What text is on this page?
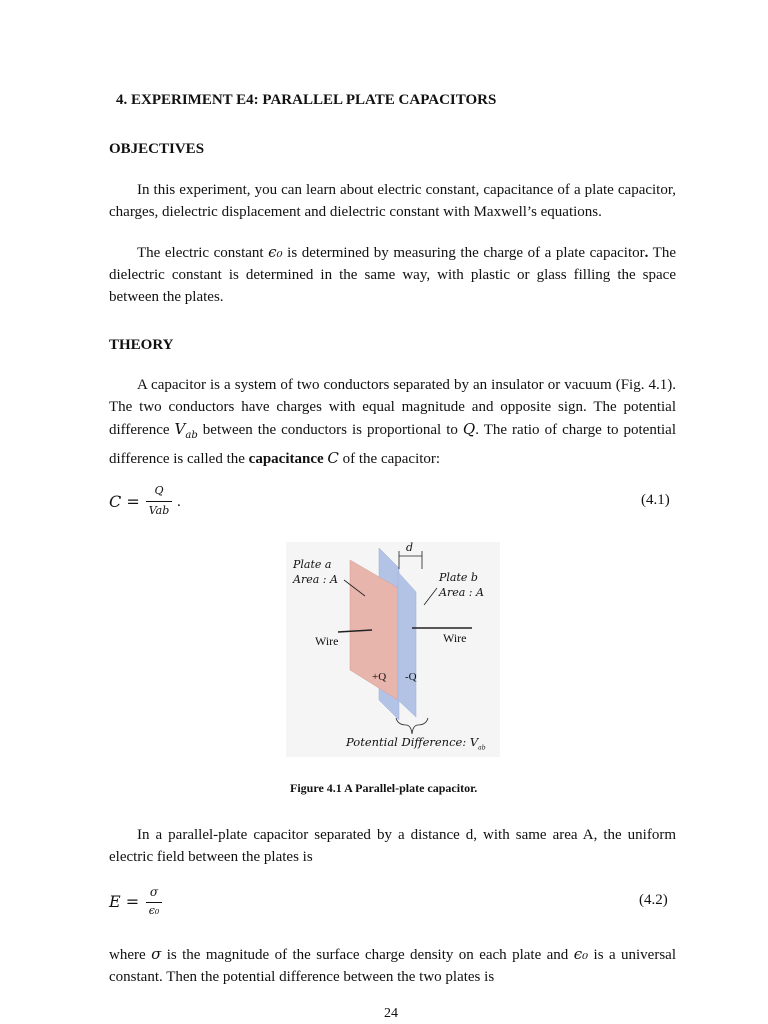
4. EXPERIMENT E4: PARALLEL PLATE CAPACITORS
OBJECTIVES
In this experiment, you can learn about electric constant, capacitance of a plate capacitor, charges, dielectric displacement and dielectric constant with Maxwell’s equations.
The electric constant ϵ₀ is determined by measuring the charge of a plate capacitor. The dielectric constant is determined in the same way, with plastic or glass filling the space between the plates.
THEORY
A capacitor is a system of two conductors separated by an insulator or vacuum (Fig. 4.1). The two conductors have charges with equal magnitude and opposite sign. The potential difference $V_{ab}$ between the conductors is proportional to Q. The ratio of charge to potential difference is called the capacitance C of the capacitor:
C =
Q
Vab
.	(4.1)
Plate a
Area : A
d
Plate b
Area : A
Wire	Wire
+Q -Q
Potential Difference: $V_{ab}$
Figure 4.1 A Parallel-plate capacitor.
In a parallel-plate capacitor separated by a distance d, with same area A, the uniform electric field between the plates is
E = σ
ϵ₀
(4.2)
where σ is the magnitude of the surface charge density on each plate and ϵ₀ is a universal constant. Then the potential difference between the two plates is
24
